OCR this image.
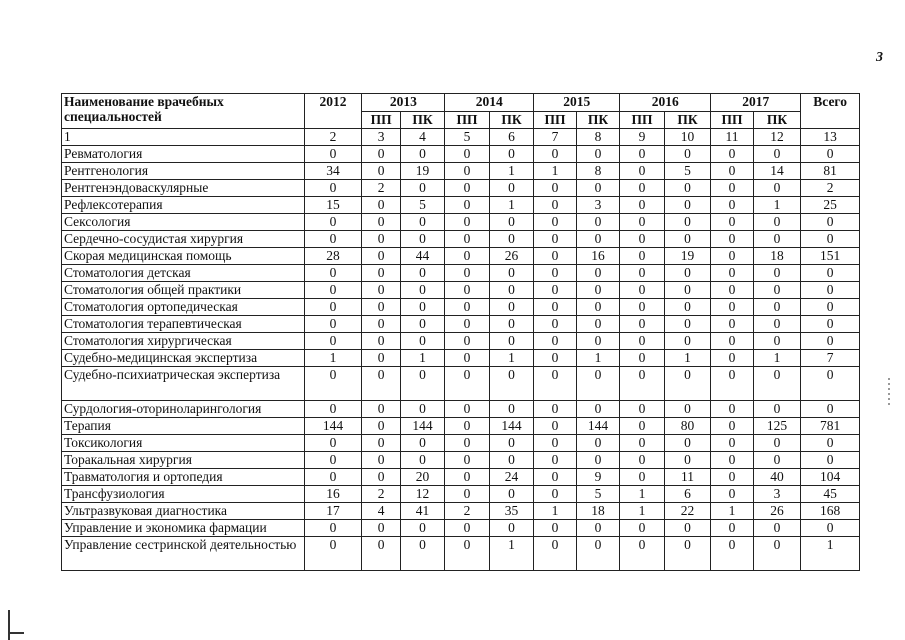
3
Наименование врачебных специальностей	2012	2013		2014		2015		2016		2017		Всего
		ПП	ПК	ПП	ПК	ПП	ПК	ПП	ПК	ПП	ПК	
1	2	3	4	5	6	7	8	9	10	11	12	13
Ревматология	0	0	0	0	0	0	0	0	0	0	0	0
Рентгенология	34	0	19	0	1	1	8	0	5	0	14	81
Рентгенэндоваскулярные	0	2	0	0	0	0	0	0	0	0	0	2
Рефлексотерапия	15	0	5	0	1	0	3	0	0	0	1	25
Сексология	0	0	0	0	0	0	0	0	0	0	0	0
Сердечно-сосудистая хирургия	0	0	0	0	0	0	0	0	0	0	0	0
Скорая медицинская помощь	28	0	44	0	26	0	16	0	19	0	18	151
Стоматология детская	0	0	0	0	0	0	0	0	0	0	0	0
Стоматология общей практики	0	0	0	0	0	0	0	0	0	0	0	0
Стоматология ортопедическая	0	0	0	0	0	0	0	0	0	0	0	0
Стоматология терапевтическая	0	0	0	0	0	0	0	0	0	0	0	0
Стоматология хирургическая	0	0	0	0	0	0	0	0	0	0	0	0
Судебно-медицинская экспертиза	1	0	1	0	1	0	1	0	1	0	1	7
Судебно-психиатрическая экспертиза	0	0	0	0	0	0	0	0	0	0	0	0
Сурдология-оториноларингология	0	0	0	0	0	0	0	0	0	0	0	0
Терапия	144	0	144	0	144	0	144	0	80	0	125	781
Токсикология	0	0	0	0	0	0	0	0	0	0	0	0
Торакальная хирургия	0	0	0	0	0	0	0	0	0	0	0	0
Травматология и ортопедия	0	0	20	0	24	0	9	0	11	0	40	104
Трансфузиология	16	2	12	0	0	0	5	1	6	0	3	45
Ультразвуковая диагностика	17	4	41	2	35	1	18	1	22	1	26	168
Управление и экономика фармации	0	0	0	0	0	0	0	0	0	0	0	0
Управление сестринской деятельностью	0	0	0	0	1	0	0	0	0	0	0	1
